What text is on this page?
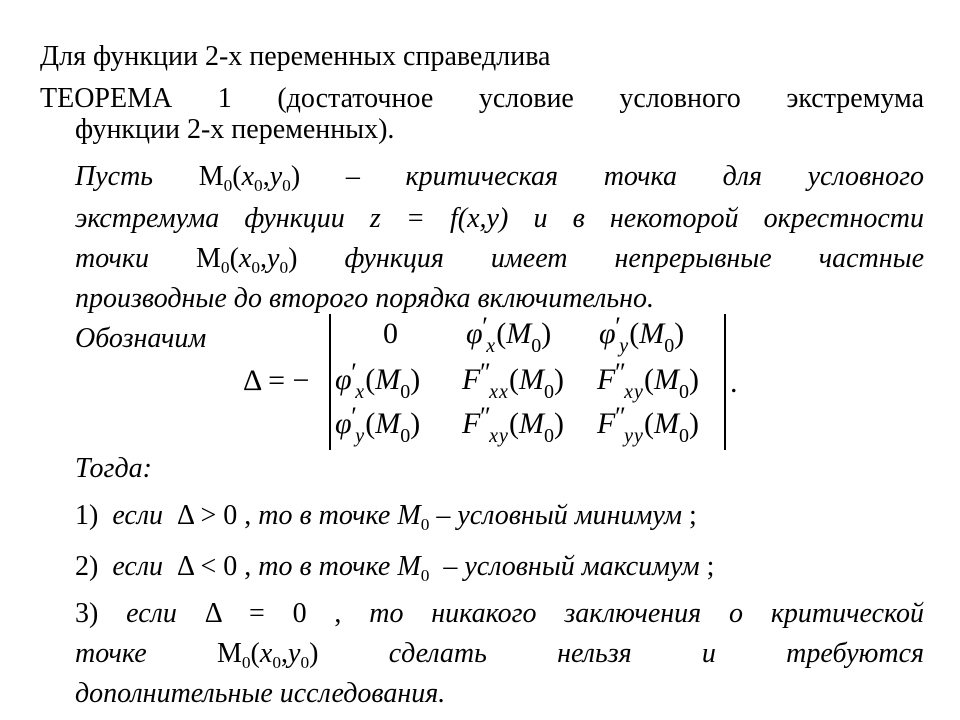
Для функции 2-х переменных справедлива
ТЕОРЕМА 1 (достаточное условие условного экстремума
функции 2-х переменных).
Пусть $M_0(x_0,y_0)$ – критическая точка для условного
экстремума функции z = f(x,y) и в некоторой окрестности
точки $M_0(x_0,y_0)$ функция имеет непрерывные частные
производные до второго порядка включительно.
Обозначим
Δ = −	.
0 $\varphi'_x(M_0)$ $\varphi'_y(M_0)$
$\varphi'_x(M_0)$ $F''_{xx}(M_0)$ $F''_{xy}(M_0)$
$\varphi'_y(M_0)$ $F''_{xy}(M_0)$ $F''_{yy}(M_0)$
Тогда:
1) если Δ > 0 , то в точке $M_0$ – условный минимум ;
2) если Δ < 0 , то в точке $M_0$ – условный максимум ;
3) если Δ = 0 , то никакого заключения о критической
точке	$M_0(x_0,y_0)$	сделать нельзя и требуются
дополнительные исследования.
